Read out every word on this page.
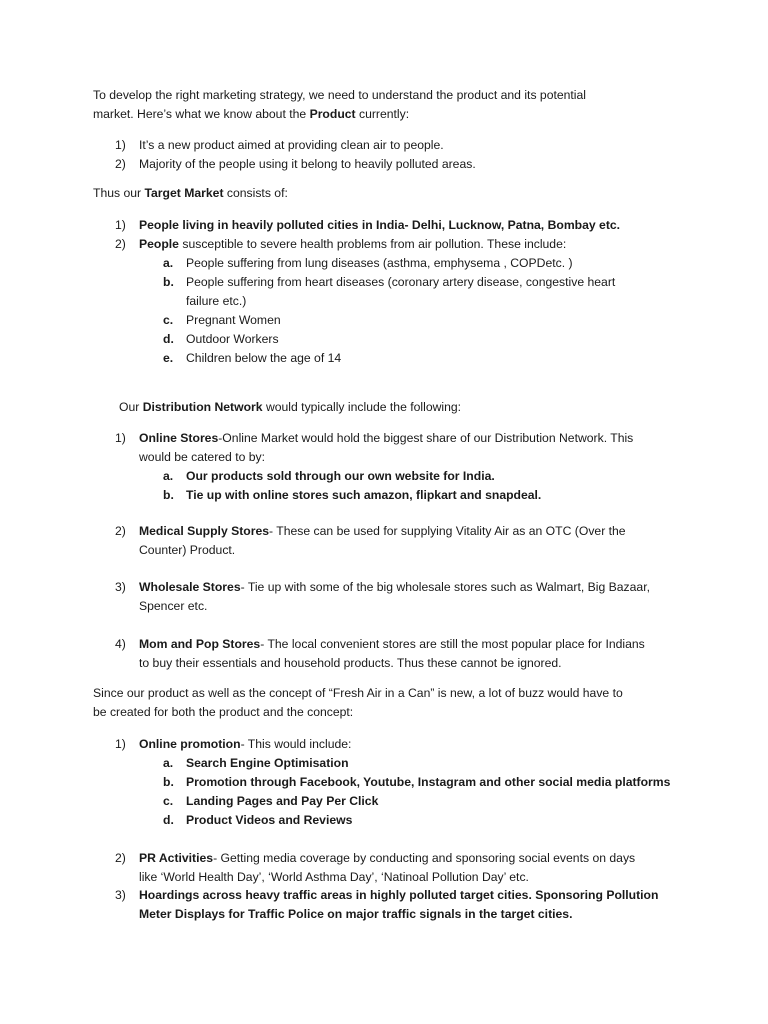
To develop the right marketing strategy, we need to understand the product and its potential

market. Here’s what we know about the Product currently:

1) It’s a new product aimed at providing clean air to people.
2) Majority of the people using it belong to heavily polluted areas.

Thus our Target Market consists of:

1) People living in heavily polluted cities in India- Delhi, Lucknow, Patna, Bombay etc.
2) People susceptible to severe health problems from air pollution. These include:
a. People suffering from lung diseases (asthma, emphysema , COPDetc. )
b. People suffering from heart diseases (coronary artery disease, congestive heart
failure etc.)
c. Pregnant Women
d. Outdoor Workers
e. Children below the age of 14

Our Distribution Network would typically include the following:

1) Online Stores-Online Market would hold the biggest share of our Distribution Network. This
would be catered to by:
a. Our products sold through our own website for India.
b. Tie up with online stores such amazon, flipkart and snapdeal.
2) Medical Supply Stores- These can be used for supplying Vitality Air as an OTC (Over the
Counter) Product.
3) Wholesale Stores- Tie up with some of the big wholesale stores such as Walmart, Big Bazaar,
Spencer etc.
4) Mom and Pop Stores- The local convenient stores are still the most popular place for Indians
to buy their essentials and household products. Thus these cannot be ignored.

Since our product as well as the concept of “Fresh Air in a Can” is new, a lot of buzz would have to

be created for both the product and the concept:

1) Online promotion- This would include:
a. Search Engine Optimisation
b. Promotion through Facebook, Youtube, Instagram and other social media platforms
c. Landing Pages and Pay Per Click
d. Product Videos and Reviews
2) PR Activities- Getting media coverage by conducting and sponsoring social events on days
like ‘World Health Day’, ‘World Asthma Day’, ‘Natinoal Pollution Day’ etc.
3) Hoardings across heavy traffic areas in highly polluted target cities. Sponsoring Pollution
Meter Displays for Traffic Police on major traffic signals in the target cities.
